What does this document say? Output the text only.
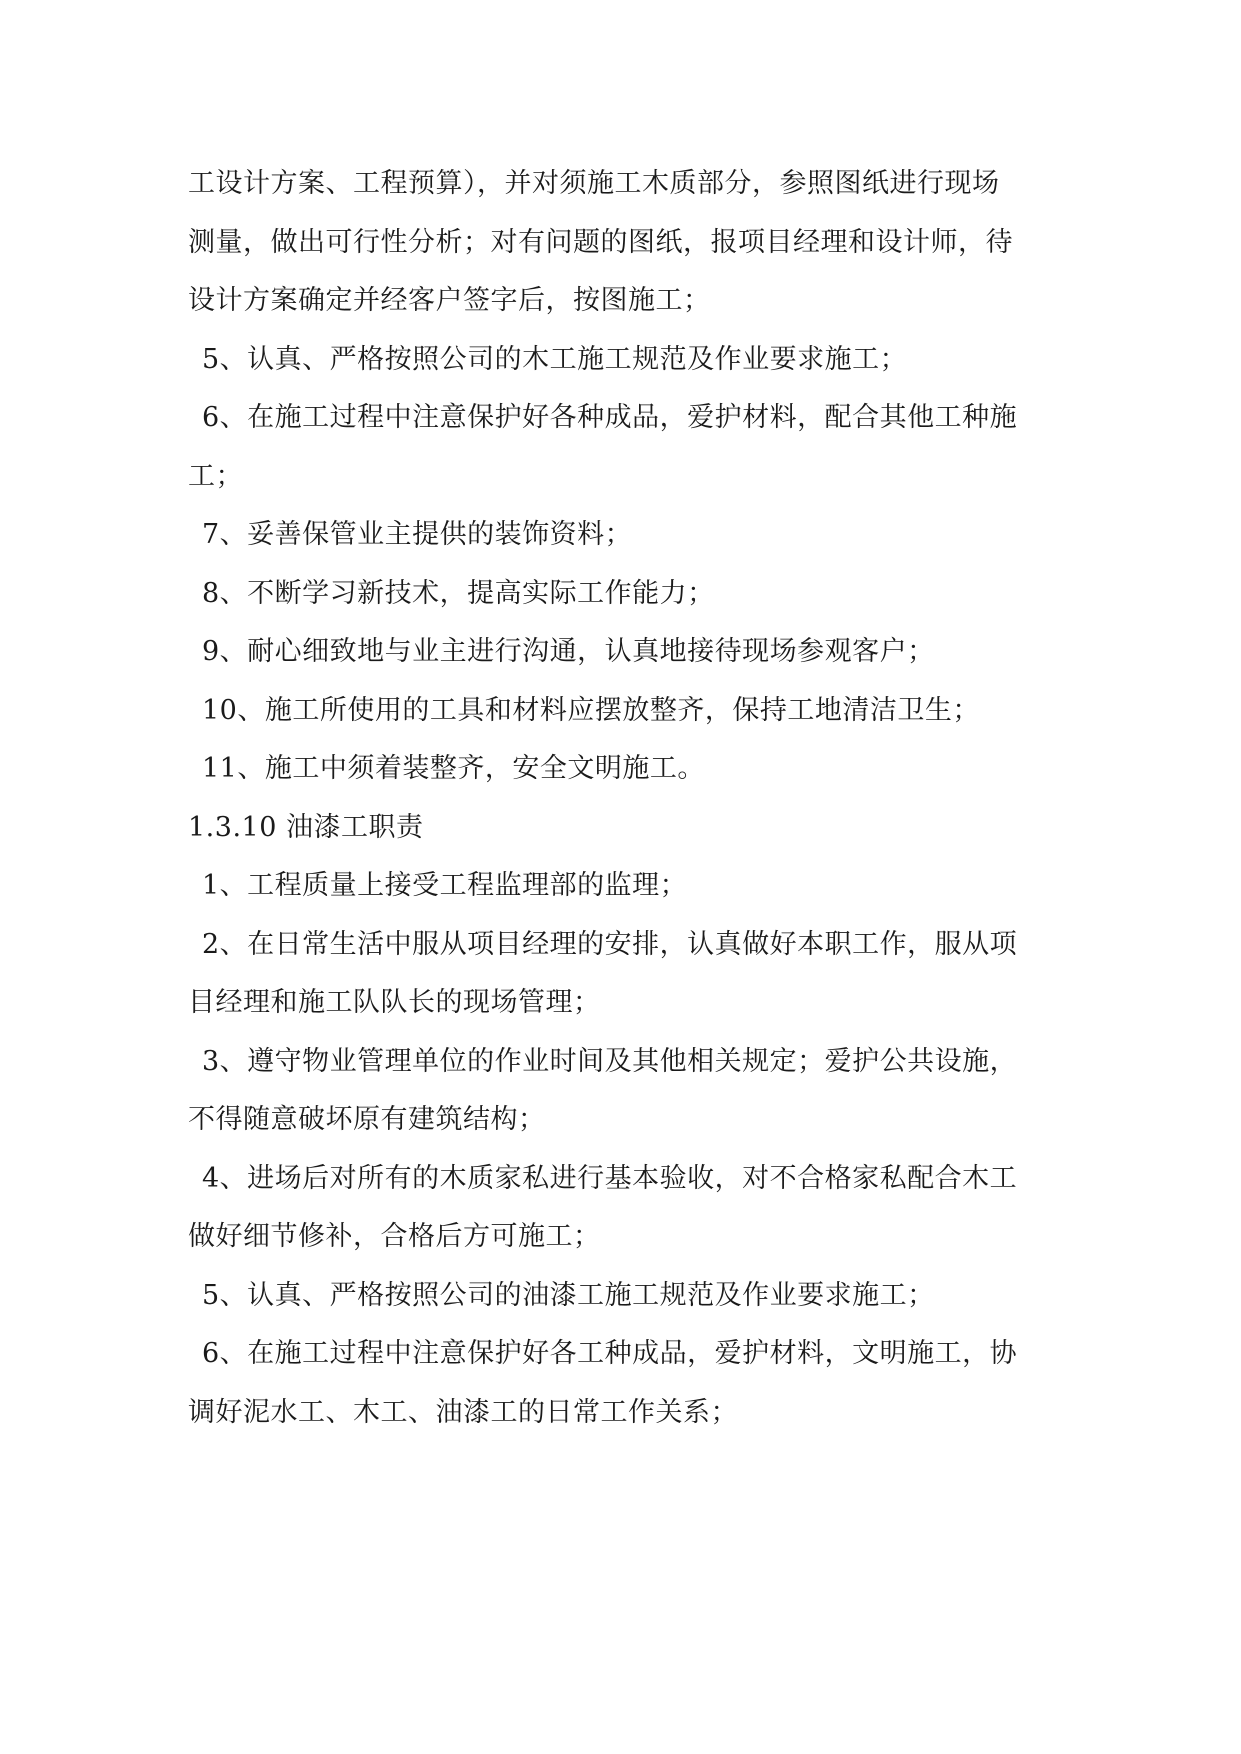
工设计方案、工程预算），并对须施工木质部分，参照图纸进行现场
测量，做出可行性分析；对有问题的图纸，报项目经理和设计师，待
设计方案确定并经客户签字后，按图施工；
5、认真、严格按照公司的木工施工规范及作业要求施工；
6、在施工过程中注意保护好各种成品，爱护材料，配合其他工种施
工；
7、妥善保管业主提供的装饰资料；
8、不断学习新技术，提高实际工作能力；
9、耐心细致地与业主进行沟通，认真地接待现场参观客户；
10、施工所使用的工具和材料应摆放整齐，保持工地清洁卫生；
11、施工中须着装整齐，安全文明施工。
1.3.10 油漆工职责
1、工程质量上接受工程监理部的监理；
2、在日常生活中服从项目经理的安排，认真做好本职工作，服从项
目经理和施工队队长的现场管理；
3、遵守物业管理单位的作业时间及其他相关规定；爱护公共设施，
不得随意破坏原有建筑结构；
4、进场后对所有的木质家私进行基本验收，对不合格家私配合木工
做好细节修补，合格后方可施工；
5、认真、严格按照公司的油漆工施工规范及作业要求施工；
6、在施工过程中注意保护好各工种成品，爱护材料，文明施工，协
调好泥水工、木工、油漆工的日常工作关系；
